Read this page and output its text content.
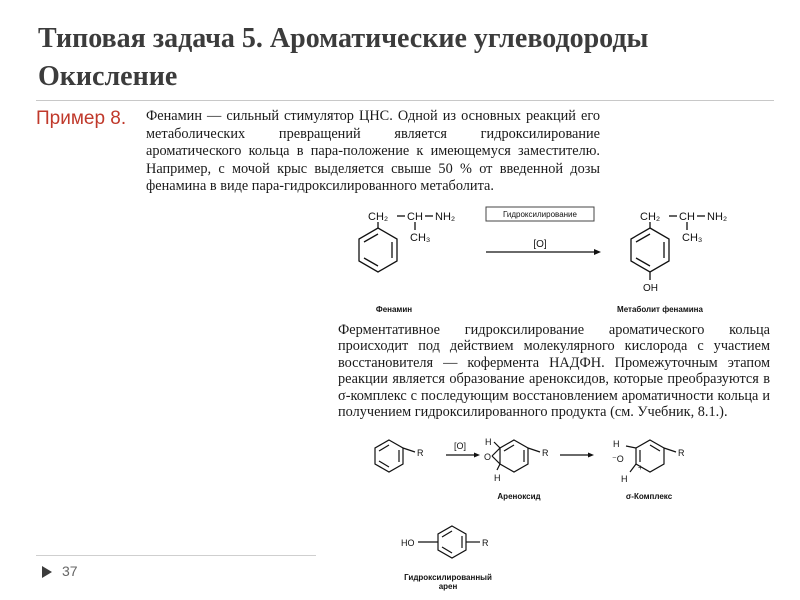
Типовая задача 5. Ароматические углеводороды Окисление
Пример 8. Фенамин — сильный стимулятор ЦНС. Одной из основных реакций его метаболических превращений является гидроксилирование ароматического кольца в пара-положение к имеющемуся заместителю. Например, с мочой крыс выделяется свыше 50 % от введенной дозы фенамина в виде пара-гидроксилированного метаболита.

Ферментативное гидроксилирование ароматического кольца происходит под действием молекулярного кислорода с участием восстановителя — кофермента НАДФН. Промежуточным этапом реакции является образование ареноксидов, которые преобразуются в σ-комплекс с последующим восстановлением ароматичности кольца и получением гидроксилированного продукта (см. Учебник, 8.1.).

CH₂ CH NH₂
CH₃
Гидроксилирование
[O]
CH₂ CH NH₂
CH₃
OH
R
[O] H
O
H
R
H
⁻O
+
H
R
HO	R
Фенамин	Метаболит фенамина
Ареноксид	σ-Комплекс
Гидроксилированный арен
37
